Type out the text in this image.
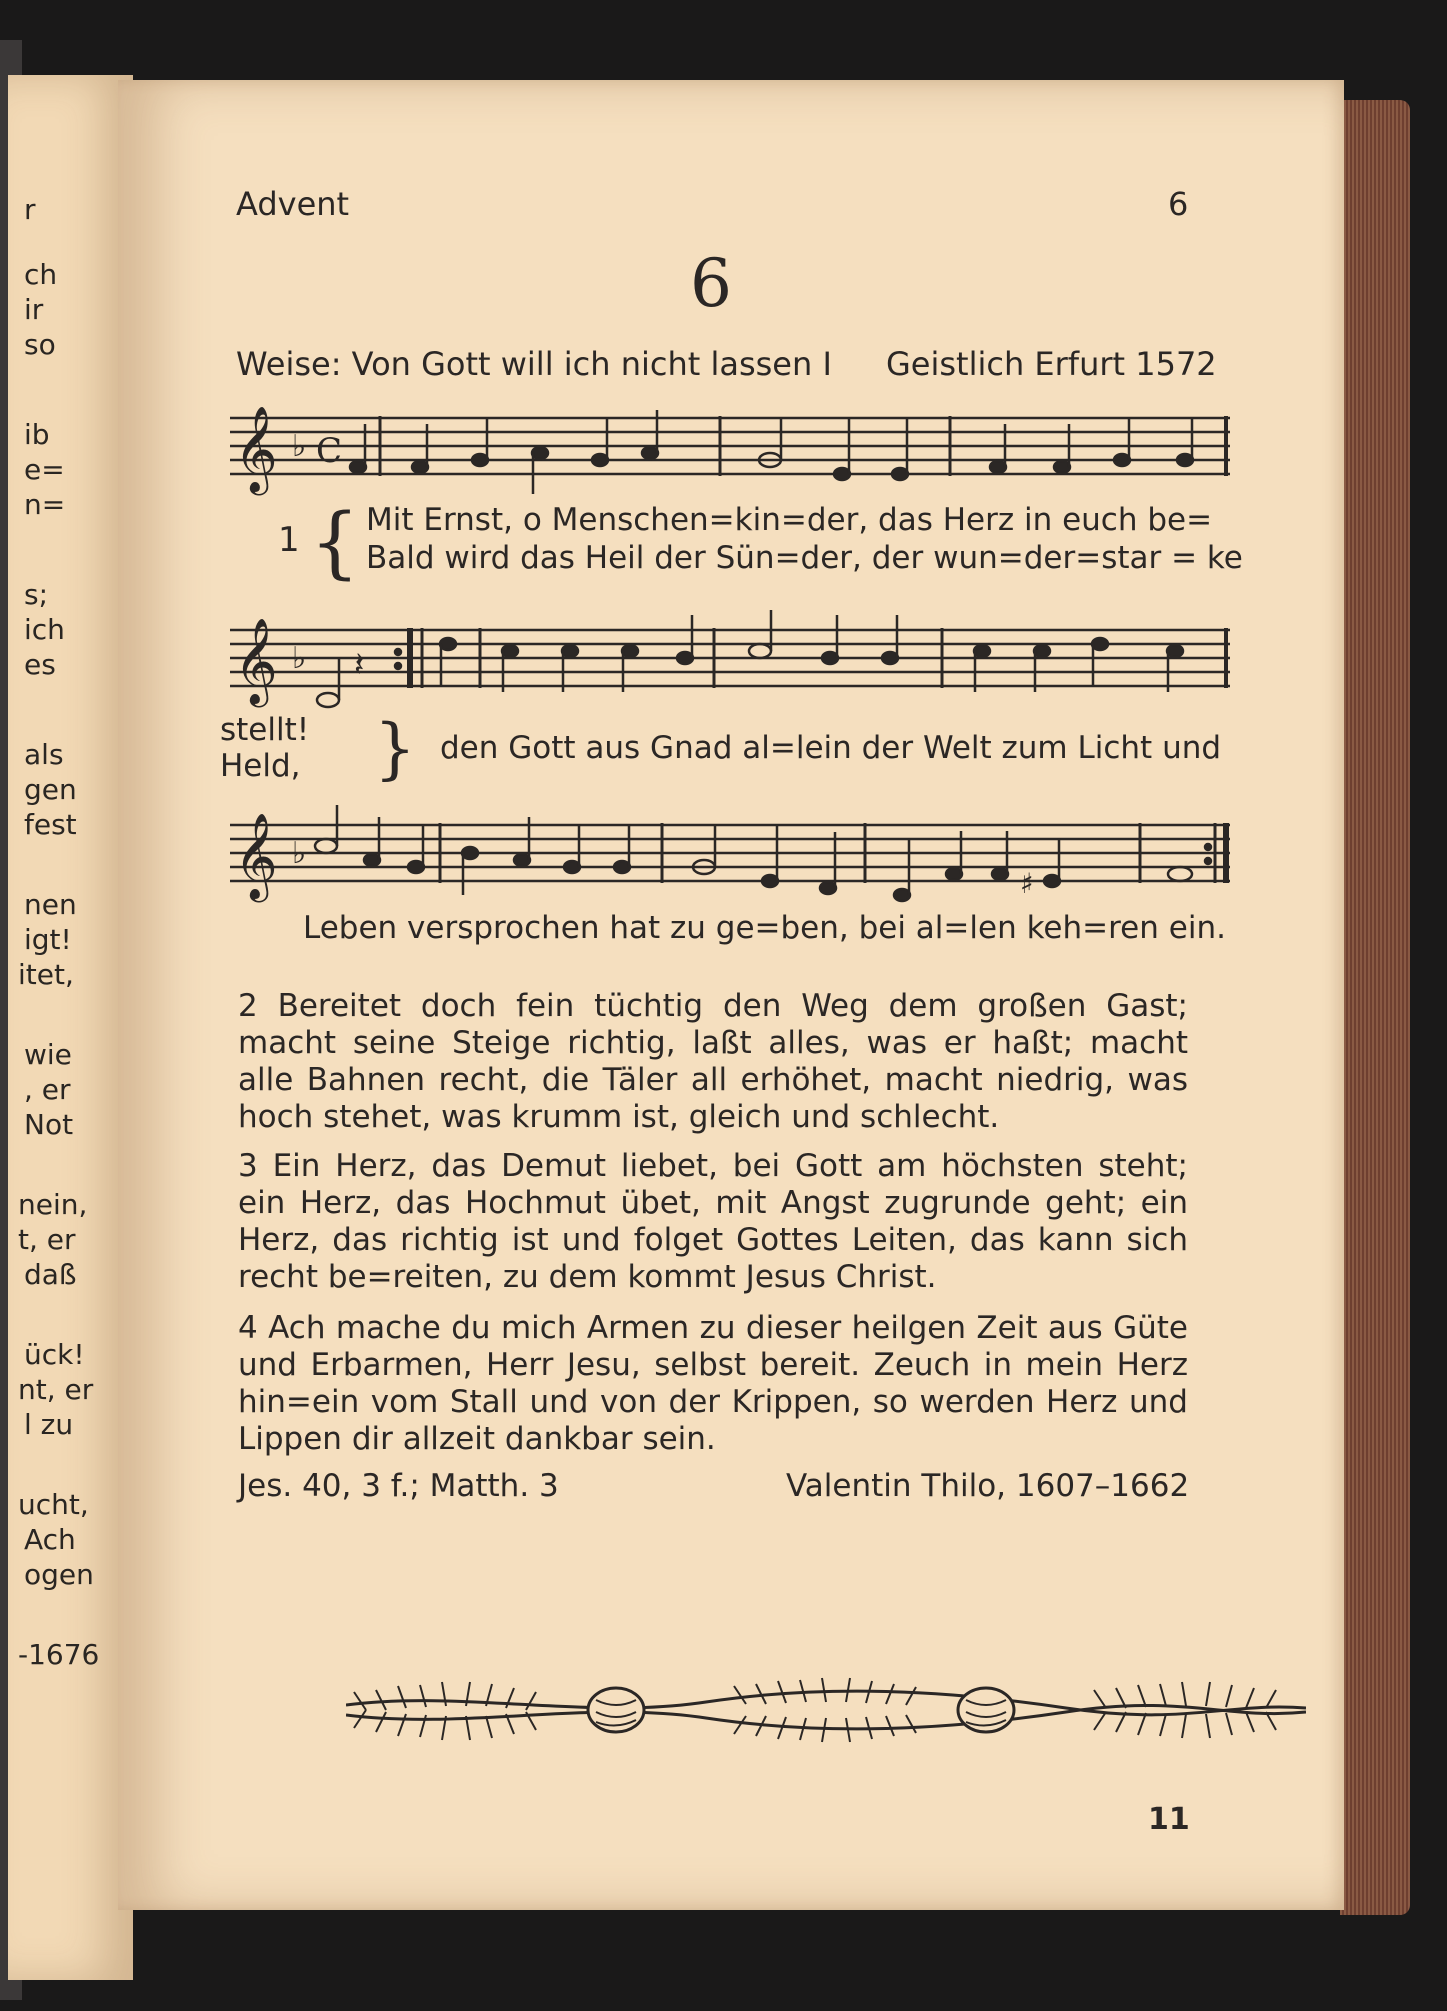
r
ch
ir
so
ib
e=
n=
s;
ich
es
als
gen
fest
nen
igt!
itet,
wie
, er
Not
nein,
t, er
daß
ück!
nt, er
l zu
ucht,
Ach
ogen
-1676
Advent	6
6
Weise: Von Gott will ich nicht lassen I Geistlich Erfurt 1572
𝄞 ♭ C
1 { Mit Ernst, o Menschen=kin=der, das Herz in euch be=
Bald wird das Heil der Sün=der, der wun=der=star = ke
𝄞 ♭ 𝄽
stellt!
Held, } den Gott aus Gnad al=lein der Welt zum Licht und
𝄞 ♭
♯
Leben versprochen hat zu ge=ben, bei al=len keh=ren ein.
2 Bereitet doch fein tüchtig den Weg dem großen Gast; macht seine Steige richtig, laßt alles, was er haßt; macht alle Bahnen recht, die Täler all erhöhet, macht niedrig, was hoch stehet, was krumm ist, gleich und schlecht.
3 Ein Herz, das Demut liebet, bei Gott am höchsten steht; ein Herz, das Hochmut übet, mit Angst zugrunde geht; ein Herz, das richtig ist und folget Gottes Leiten, das kann sich recht be=reiten, zu dem kommt Jesus Christ.
4 Ach mache du mich Armen zu dieser heilgen Zeit aus Güte und Erbarmen, Herr Jesu, selbst bereit. Zeuch in mein Herz hin=ein vom Stall und von der Krippen, so werden Herz und Lippen dir allzeit dankbar sein.
Jes. 40, 3 f.; Matth. 3	Valentin Thilo, 1607–1662
11
